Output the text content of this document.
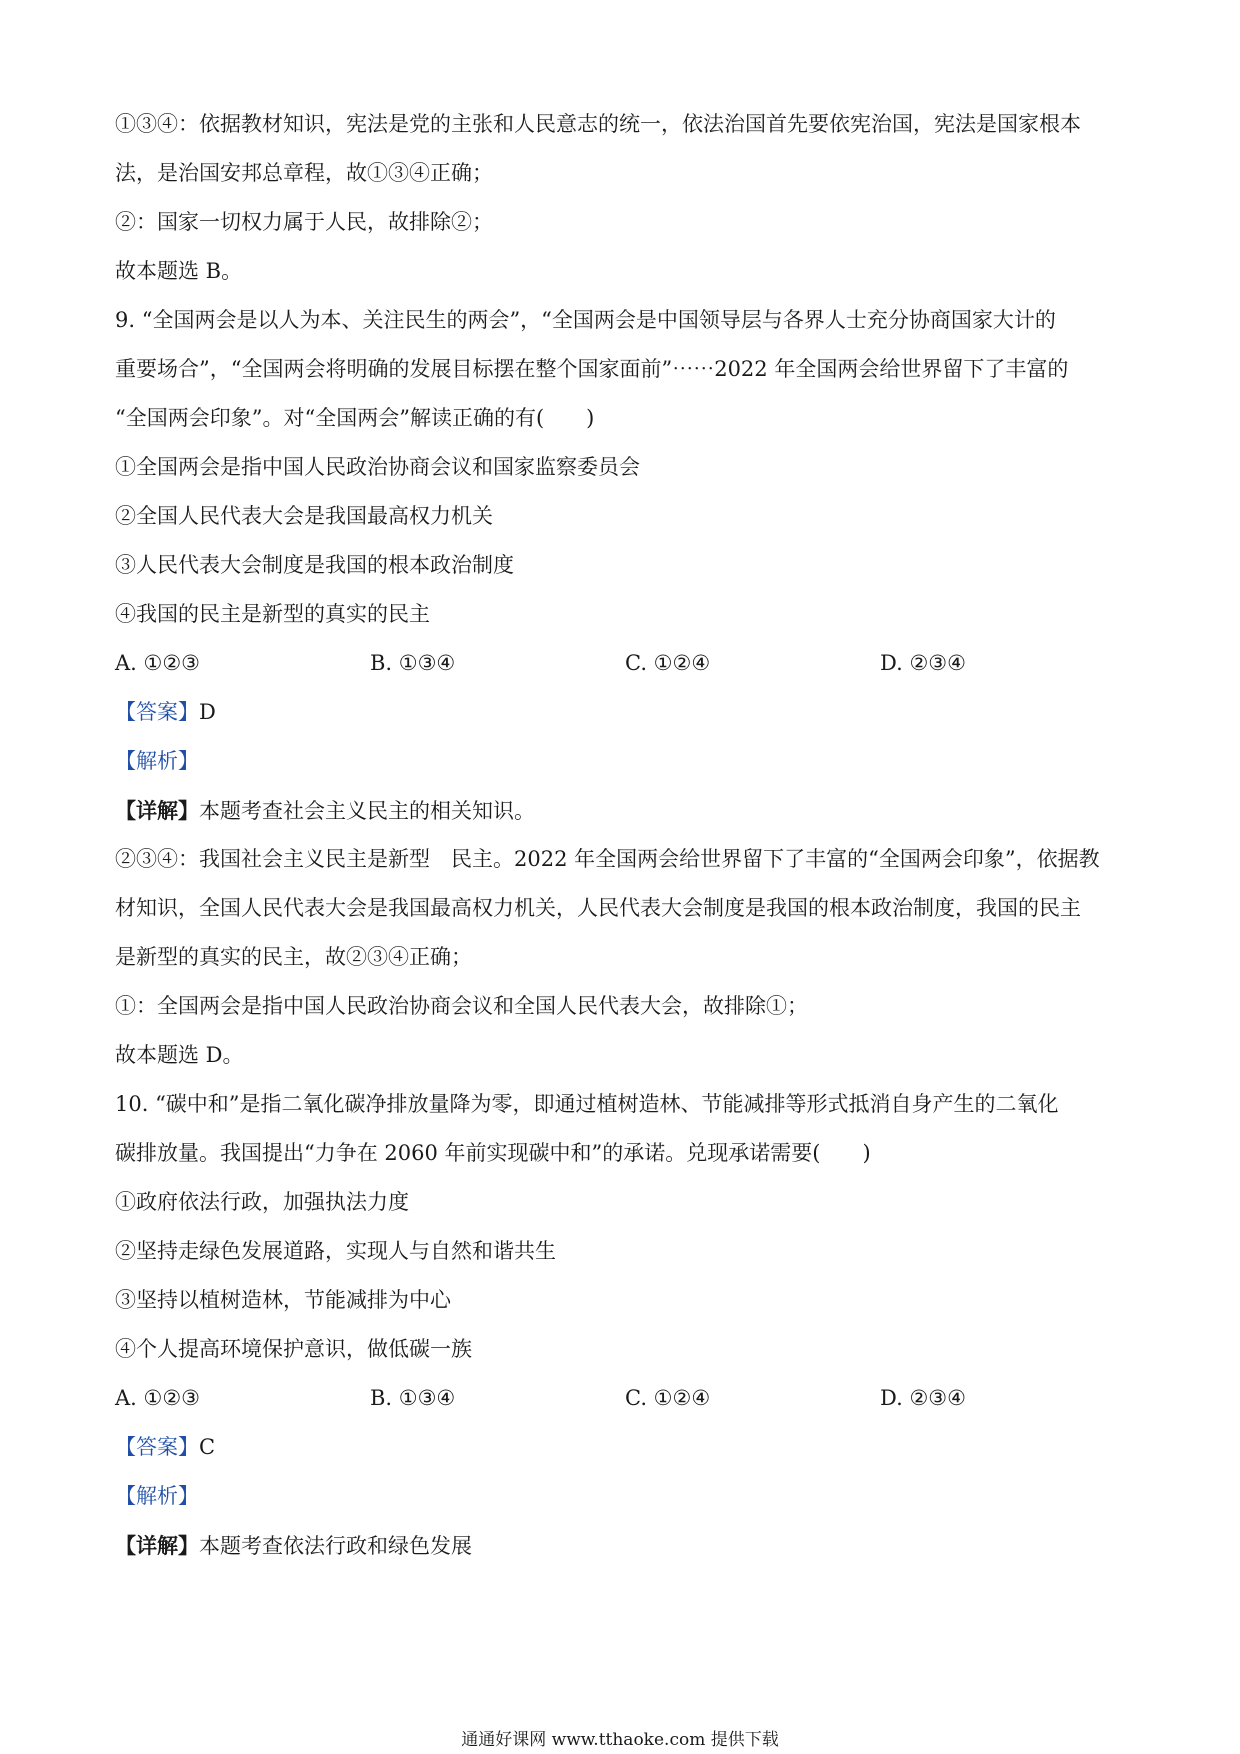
①③④：依据教材知识，宪法是党的主张和人民意志的统一，依法治国首先要依宪治国，宪法是国家根本
法，是治国安邦总章程，故①③④正确；
②：国家一切权力属于人民，故排除②；
故本题选 B。
9. “全国两会是以人为本、关注民生的两会”，“全国两会是中国领导层与各界人士充分协商国家大计的
重要场合”，“全国两会将明确的发展目标摆在整个国家面前”⋯⋯2022 年全国两会给世界留下了丰富的
“全国两会印象”。对“全国两会”解读正确的有(　　)
①全国两会是指中国人民政治协商会议和国家监察委员会
②全国人民代表大会是我国最高权力机关
③人民代表大会制度是我国的根本政治制度
④我国的民主是新型的真实的民主
A. ①②③	B. ①③④	C. ①②④	D. ②③④
【答案】D
【解析】
【详解】本题考查社会主义民主的相关知识。
②③④：我国社会主义民主是新型　民主。2022 年全国两会给世界留下了丰富的“全国两会印象”，依据教
材知识，全国人民代表大会是我国最高权力机关，人民代表大会制度是我国的根本政治制度，我国的民主
是新型的真实的民主，故②③④正确；
①：全国两会是指中国人民政治协商会议和全国人民代表大会，故排除①；
故本题选 D。
10. “碳中和”是指二氧化碳净排放量降为零，即通过植树造林、节能减排等形式抵消自身产生的二氧化
碳排放量。我国提出“力争在 2060 年前实现碳中和”的承诺。兑现承诺需要(　　)
①政府依法行政，加强执法力度
②坚持走绿色发展道路，实现人与自然和谐共生
③坚持以植树造林，节能减排为中心
④个人提高环境保护意识，做低碳一族
A. ①②③	B. ①③④	C. ①②④	D. ②③④
【答案】C
【解析】
【详解】本题考查依法行政和绿色发展
通通好课网 www.tthaoke.com 提供下载
